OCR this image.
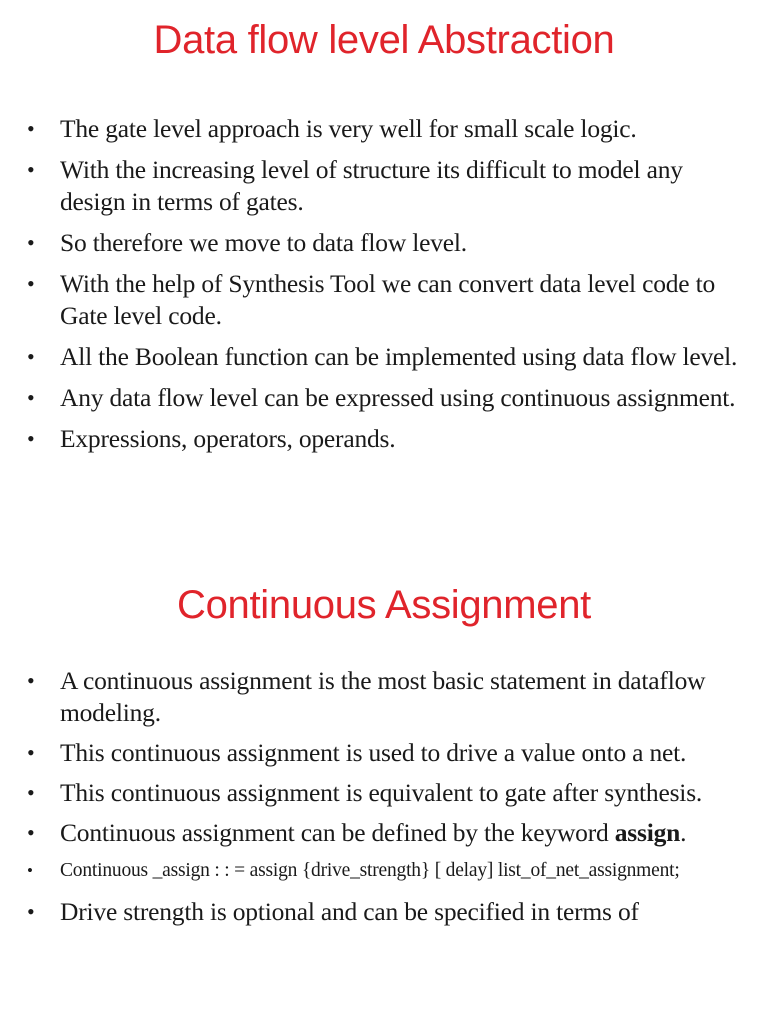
Data flow level Abstraction
• The gate level approach is very well for small scale logic.
• With the increasing level of structure its difficult to model any design in terms of gates.
• So therefore we move to data flow level.
• With the help of Synthesis Tool we can convert data level code to Gate level code.
• All the Boolean function can be implemented using data flow level.
• Any data flow level can be expressed using continuous assignment.
• Expressions, operators, operands.
Continuous Assignment
• A continuous assignment is the most basic statement in dataflow modeling.
• This continuous assignment is used to drive a value onto a net.
• This continuous assignment is equivalent to gate after synthesis.
• Continuous assignment can be defined by the keyword assign.
• Continuous _assign : : = assign {drive_strength} [ delay] list_of_net_assignment;
• Drive strength is optional and can be specified in terms of
